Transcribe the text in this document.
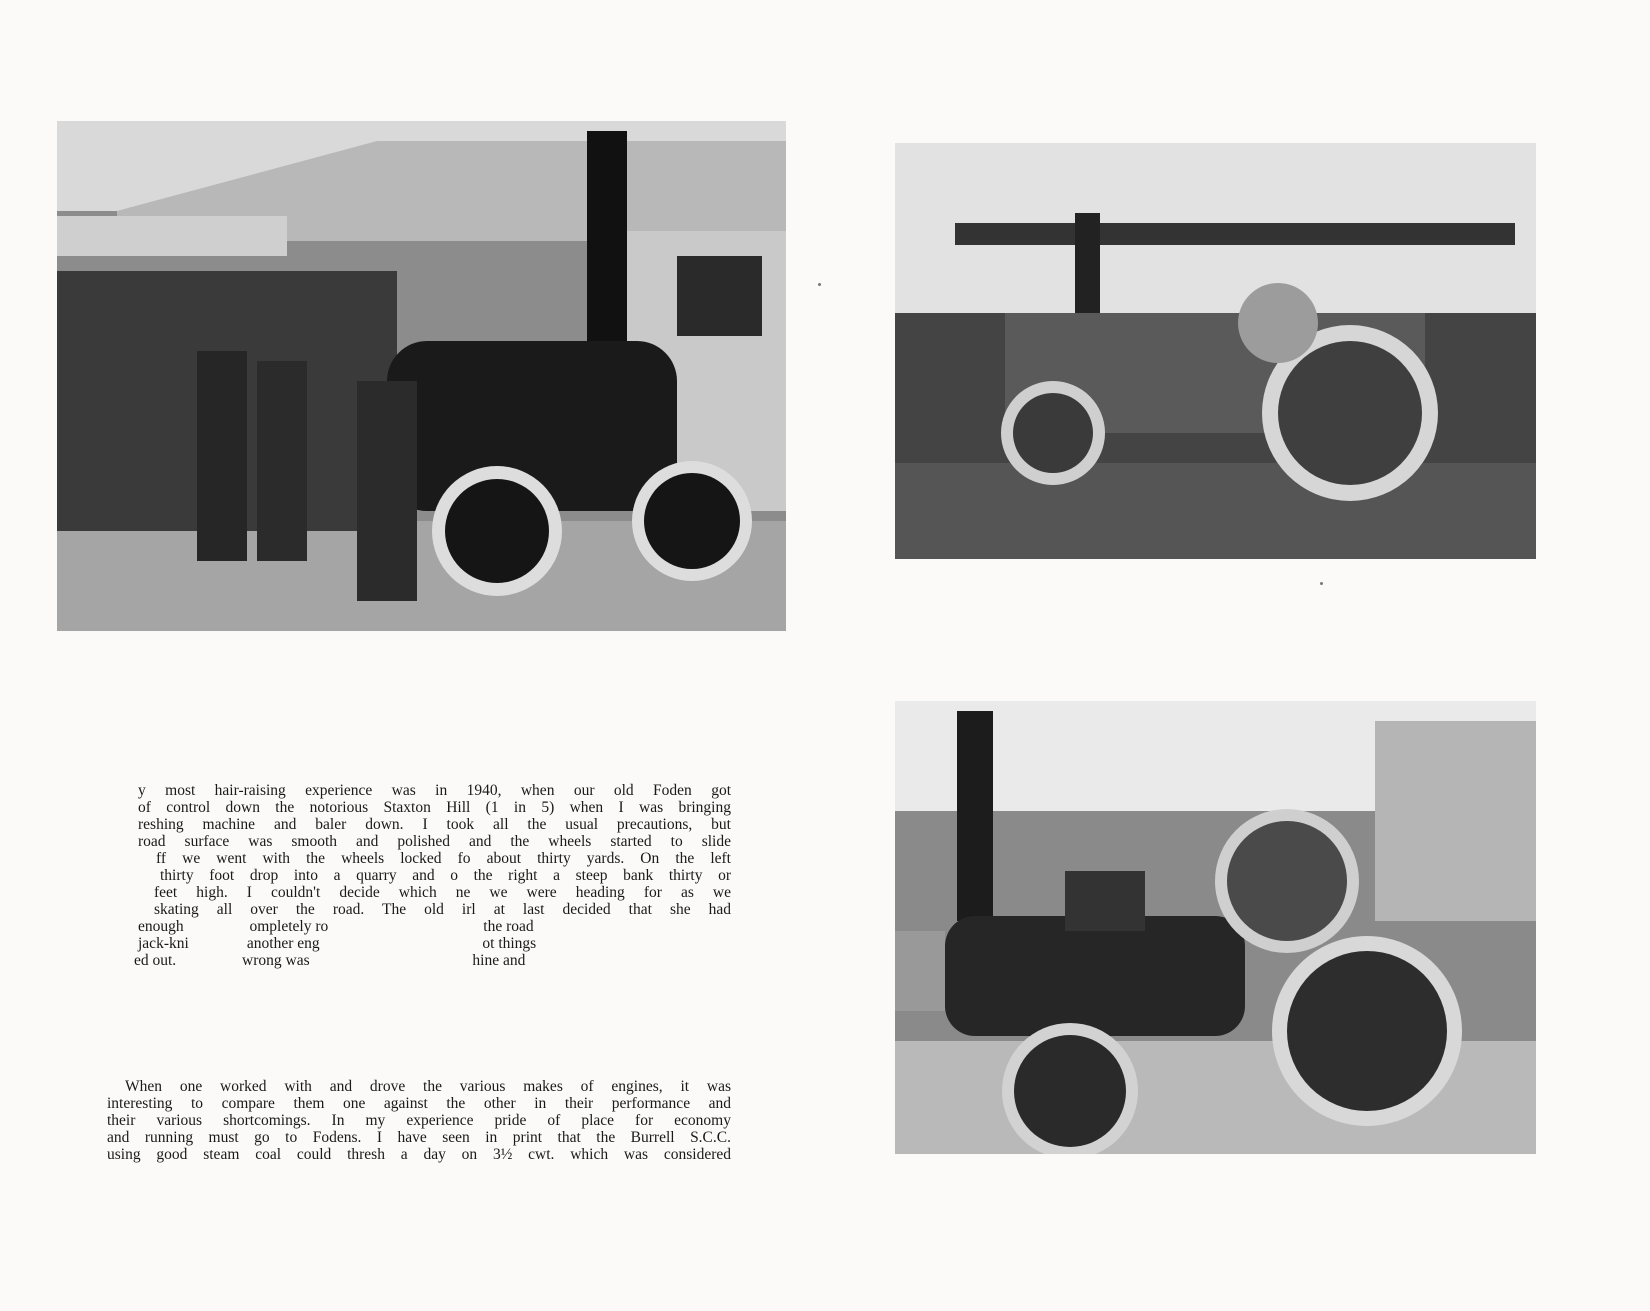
y most hair-raising experience was in 1940, when our old Foden got
of control down the notorious Staxton Hill (1 in 5) when I was bringing
reshing machine and baler down. I took all the usual precautions, but
road surface was smooth and polished and the wheels started to slide
ff we went with the wheels locked fo about thirty yards. On the left
thirty foot drop into a quarry and o the right a steep bank thirty or
feet high. I couldn't decide which ne we were heading for as we
skating all over the road. The old irl at last decided that she had
enough                 ompletely ro                                        the road
jack-kni               another eng                                          ot things
ed out.                 wrong was                                          hine and
When one worked with and drove the various makes of engines, it was
interesting to compare them one against the other in their performance and
their various shortcomings. In my experience pride of place for economy
and running must go to Fodens. I have seen in print that the Burrell S.C.C.
using good steam coal could thresh a day on 3½ cwt. which was considered
